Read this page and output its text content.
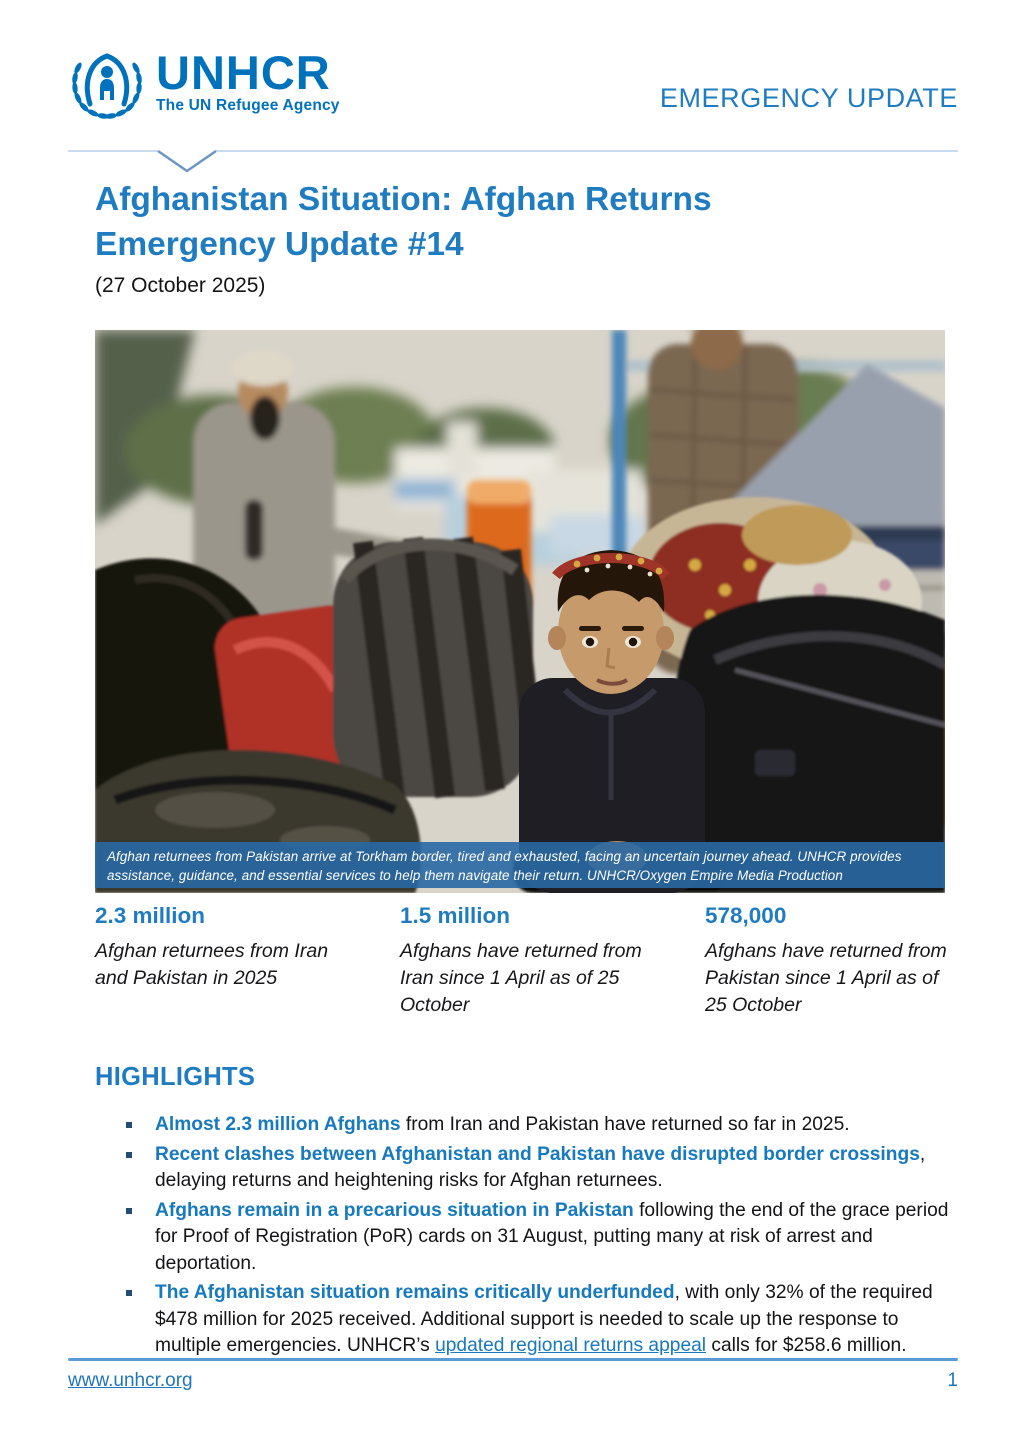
UNHCR
The UN Refugee Agency	EMERGENCY UPDATE
Afghanistan Situation: Afghan Returns
Emergency Update #14
(27 October 2025)
Afghan returnees from Pakistan arrive at Torkham border, tired and exhausted, facing an uncertain journey ahead. UNHCR provides assistance, guidance, and essential services to help them navigate their return. UNHCR/Oxygen Empire Media Production
2.3 million
Afghan returnees from Iran and Pakistan in 2025
1.5 million
Afghans have returned from Iran since 1 April as of 25 October
578,000
Afghans have returned from Pakistan since 1 April as of 25 October
HIGHLIGHTS
Almost 2.3 million Afghans from Iran and Pakistan have returned so far in 2025.
Recent clashes between Afghanistan and Pakistan have disrupted border crossings, delaying returns and heightening risks for Afghan returnees.
Afghans remain in a precarious situation in Pakistan following the end of the grace period for Proof of Registration (PoR) cards on 31 August, putting many at risk of arrest and deportation.
The Afghanistan situation remains critically underfunded, with only 32% of the required $478 million for 2025 received. Additional support is needed to scale up the response to multiple emergencies. UNHCR’s updated regional returns appeal calls for $258.6 million.
www.unhcr.org	1
